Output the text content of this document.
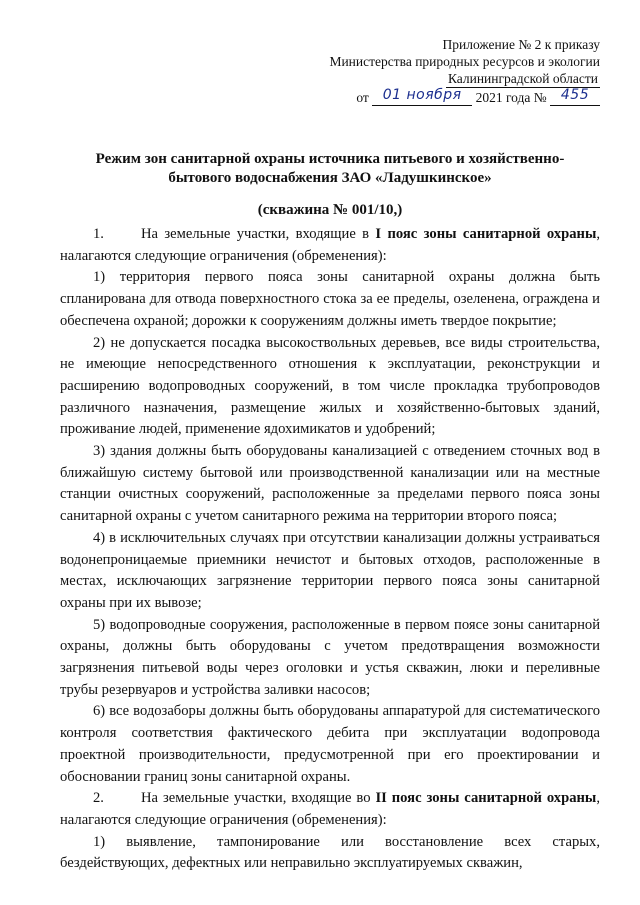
Приложение № 2 к приказу
Министерства природных ресурсов и экологии
Калининградской области
от 01 ноября 2021 года № 455
Режим зон санитарной охраны источника питьевого и хозяйственно-
бытового водоснабжения ЗАО «Ладушкинское»
(скважина № 001/10,)

1.	На земельные участки, входящие в I пояс зоны санитарной охраны, налагаются следующие ограничения (обременения):

1) территория первого пояса зоны санитарной охраны должна быть спланирована для отвода поверхностного стока за ее пределы, озеленена, ограждена и обеспечена охраной; дорожки к сооружениям должны иметь твердое покрытие;

2) не допускается посадка высокоствольных деревьев, все виды строительства, не имеющие непосредственного отношения к эксплуатации, реконструкции и расширению водопроводных сооружений, в том числе прокладка трубопроводов различного назначения, размещение жилых и хозяйственно-бытовых зданий, проживание людей, применение ядохимикатов и удобрений;

3) здания должны быть оборудованы канализацией с отведением сточных вод в ближайшую систему бытовой или производственной канализации или на местные станции очистных сооружений, расположенные за пределами первого пояса зоны санитарной охраны с учетом санитарного режима на территории второго пояса;

4) в исключительных случаях при отсутствии канализации должны устраиваться водонепроницаемые приемники нечистот и бытовых отходов, расположенные в местах, исключающих загрязнение территории первого пояса зоны санитарной охраны при их вывозе;

5) водопроводные сооружения, расположенные в первом поясе зоны санитарной охраны, должны быть оборудованы с учетом предотвращения возможности загрязнения питьевой воды через оголовки и устья скважин, люки и переливные трубы резервуаров и устройства заливки насосов;

6) все водозаборы должны быть оборудованы аппаратурой для систематического контроля соответствия фактического дебита при эксплуатации водопровода проектной производительности, предусмотренной при его проектировании и обосновании границ зоны санитарной охраны.

2.	На земельные участки, входящие во II пояс зоны санитарной охраны, налагаются следующие ограничения (обременения):

1) выявление, тампонирование или восстановление всех старых, бездействующих, дефектных или неправильно эксплуатируемых скважин,
